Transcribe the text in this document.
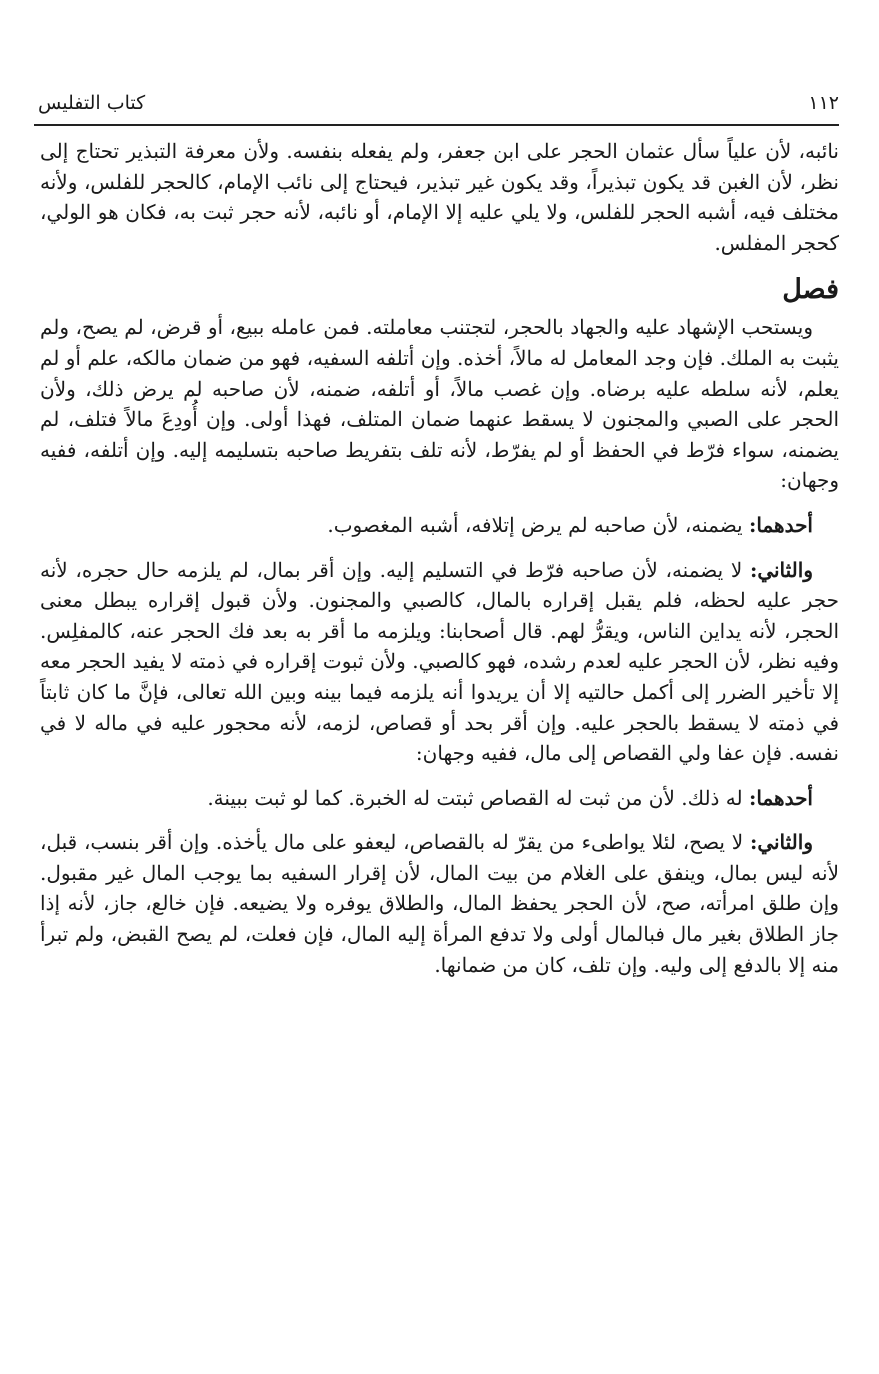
١١٢
كتاب التفليس

نائبه، لأن علياً سأل عثمان الحجر على ابن جعفر، ولم يفعله بنفسه. ولأن معرفة التبذير تحتاج إلى نظر، لأن الغبن قد يكون تبذيراً، وقد يكون غير تبذير، فيحتاج إلى نائب الإمام، كالحجر للفلس، ولأنه مختلف فيه، أشبه الحجر للفلس، ولا يلي عليه إلا الإمام، أو نائبه، لأنه حجر ثبت به، فكان هو الولي، كحجر المفلس.

فصل

ويستحب الإشهاد عليه والجهاد بالحجر، لتجتنب معاملته. فمن عامله ببيع، أو قرض، لم يصح، ولم يثبت به الملك. فإن وجد المعامل له مالاً، أخذه. وإن أتلفه السفيه، فهو من ضمان مالكه، علم أو لم يعلم، لأنه سلطه عليه برضاه. وإن غصب مالاً، أو أتلفه، ضمنه، لأن صاحبه لم يرض ذلك، ولأن الحجر على الصبي والمجنون لا يسقط عنهما ضمان المتلف، فهذا أولى. وإن أُودِعَ مالاً فتلف، لم يضمنه، سواء فرّط في الحفظ أو لم يفرّط، لأنه تلف بتفريط صاحبه بتسليمه إليه. وإن أتلفه، ففيه وجهان:

أحدهما: يضمنه، لأن صاحبه لم يرض إتلافه، أشبه المغصوب.

والثاني: لا يضمنه، لأن صاحبه فرّط في التسليم إليه. وإن أقر بمال، لم يلزمه حال حجره، لأنه حجر عليه لحظه، فلم يقبل إقراره بالمال، كالصبي والمجنون. ولأن قبول إقراره يبطل معنى الحجر، لأنه يداين الناس، ويقرُّ لهم. قال أصحابنا: ويلزمه ما أقر به بعد فك الحجر عنه، كالمفلِس. وفيه نظر، لأن الحجر عليه لعدم رشده، فهو كالصبي. ولأن ثبوت إقراره في ذمته لا يفيد الحجر معه إلا تأخير الضرر إلى أكمل حالتيه إلا أن يريدوا أنه يلزمه فيما بينه وبين الله تعالى، فإنَّ ما كان ثابتاً في ذمته لا يسقط بالحجر عليه. وإن أقر بحد أو قصاص، لزمه، لأنه محجور عليه في ماله لا في نفسه. فإن عفا ولي القصاص إلى مال، ففيه وجهان:

أحدهما: له ذلك. لأن من ثبت له القصاص ثبتت له الخبرة. كما لو ثبت ببينة.

والثاني: لا يصح، لئلا يواطىء من يقرّ له بالقصاص، ليعفو على مال يأخذه. وإن أقر بنسب، قبل، لأنه ليس بمال، وينفق على الغلام من بيت المال، لأن إقرار السفيه بما يوجب المال غير مقبول. وإن طلق امرأته، صح، لأن الحجر يحفظ المال، والطلاق يوفره ولا يضيعه. فإن خالع، جاز، لأنه إذا جاز الطلاق بغير مال فبالمال أولى ولا تدفع المرأة إليه المال، فإن فعلت، لم يصح القبض، ولم تبرأ منه إلا بالدفع إلى وليه. وإن تلف، كان من ضمانها.
